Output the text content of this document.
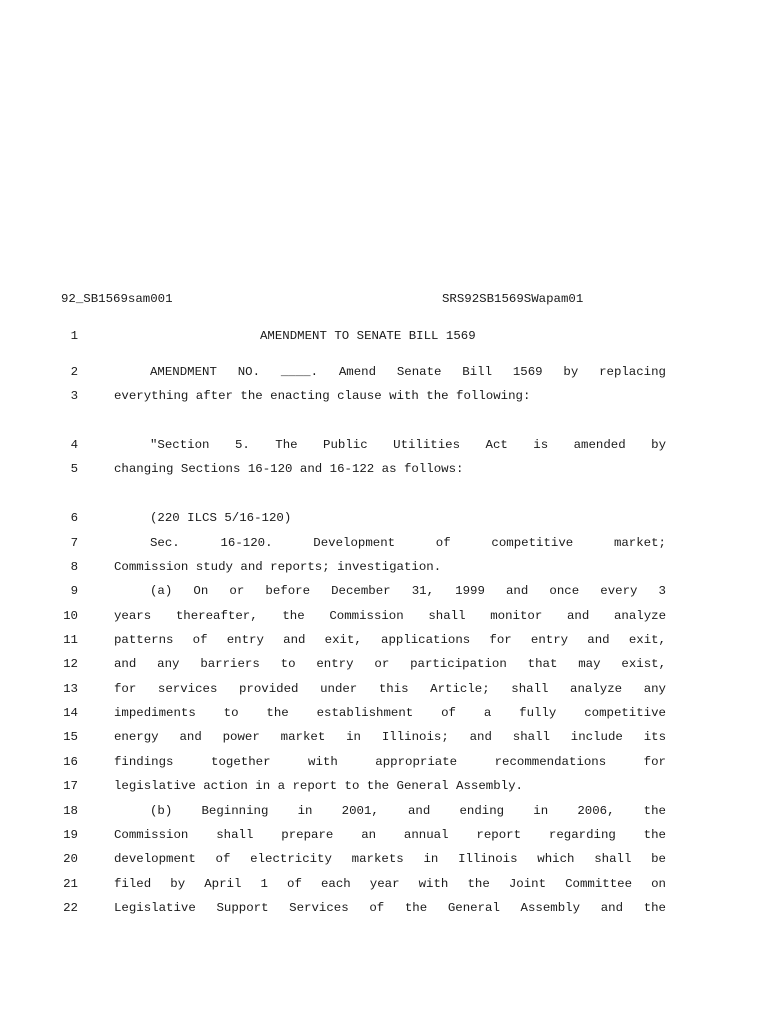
92_SB1569sam001	SRS92SB1569SWapam01
1	AMENDMENT TO SENATE BILL 1569
2	AMENDMENT NO. ____. Amend Senate Bill 1569 by replacing
3	everything after the enacting clause with the following:
4	"Section 5. The Public Utilities Act is amended by
5	changing Sections 16-120 and 16-122 as follows:
6	(220 ILCS 5/16-120)
7	Sec. 16-120. Development of competitive market;
8	Commission study and reports; investigation.
9	(a) On or before December 31, 1999 and once every 3
10	years thereafter, the Commission shall monitor and analyze
11	patterns of entry and exit, applications for entry and exit,
12	and any barriers to entry or participation that may exist,
13	for services provided under this Article; shall analyze any
14	impediments to the establishment of a fully competitive
15	energy and power market in Illinois; and shall include its
16	findings together with appropriate recommendations for
17	legislative action in a report to the General Assembly.
18	(b) Beginning in 2001, and ending in 2006, the
19	Commission shall prepare an annual report regarding the
20	development of electricity markets in Illinois which shall be
21	filed by April 1 of each year with the Joint Committee on
22	Legislative Support Services of the General Assembly and the
